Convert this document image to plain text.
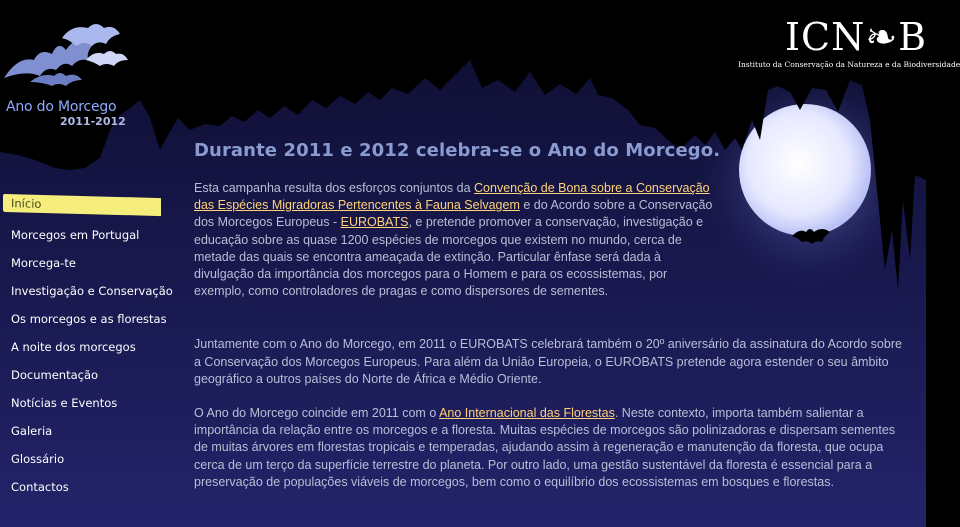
Ano do Morcego
2011-2012
ICN❧B
Instituto da Conservação da Natureza e da Biodiversidade
Início
Morcegos em Portugal
Morcega-te
Investigação e Conservação
Os morcegos e as florestas
A noite dos morcegos
Documentação
Notícias e Eventos
Galeria
Glossário
Contactos
Durante 2011 e 2012 celebra-se o Ano do Morcego.

Esta campanha resulta dos esforços conjuntos da Convenção de Bona sobre a Conservação das Espécies Migradoras Pertencentes à Fauna Selvagem e do Acordo sobre a Conservação dos Morcegos Europeus - EUROBATS, e pretende promover a conservação, investigação e educação sobre as quase 1200 espécies de morcegos que existem no mundo, cerca de metade das quais se encontra ameaçada de extinção. Particular ênfase será dada à divulgação da importância dos morcegos para o Homem e para os ecossistemas, por exemplo, como controladores de pragas e como dispersores de sementes.

Juntamente com o Ano do Morcego, em 2011 o EUROBATS celebrará também o 20º aniversário da assinatura do Acordo sobre a Conservação dos Morcegos Europeus. Para além da União Europeia, o EUROBATS pretende agora estender o seu âmbito geográfico a outros países do Norte de África e Médio Oriente.

O Ano do Morcego coincide em 2011 com o Ano Internacional das Florestas. Neste contexto, importa também salientar a importância da relação entre os morcegos e a floresta. Muitas espécies de morcegos são polinizadoras e dispersam sementes de muitas árvores em florestas tropicais e temperadas, ajudando assim à regeneração e manutenção da floresta, que ocupa cerca de um terço da superfície terrestre do planeta. Por outro lado, uma gestão sustentável da floresta é essencial para a preservação de populações viáveis de morcegos, bem como o equilíbrio dos ecossistemas em bosques e florestas.
